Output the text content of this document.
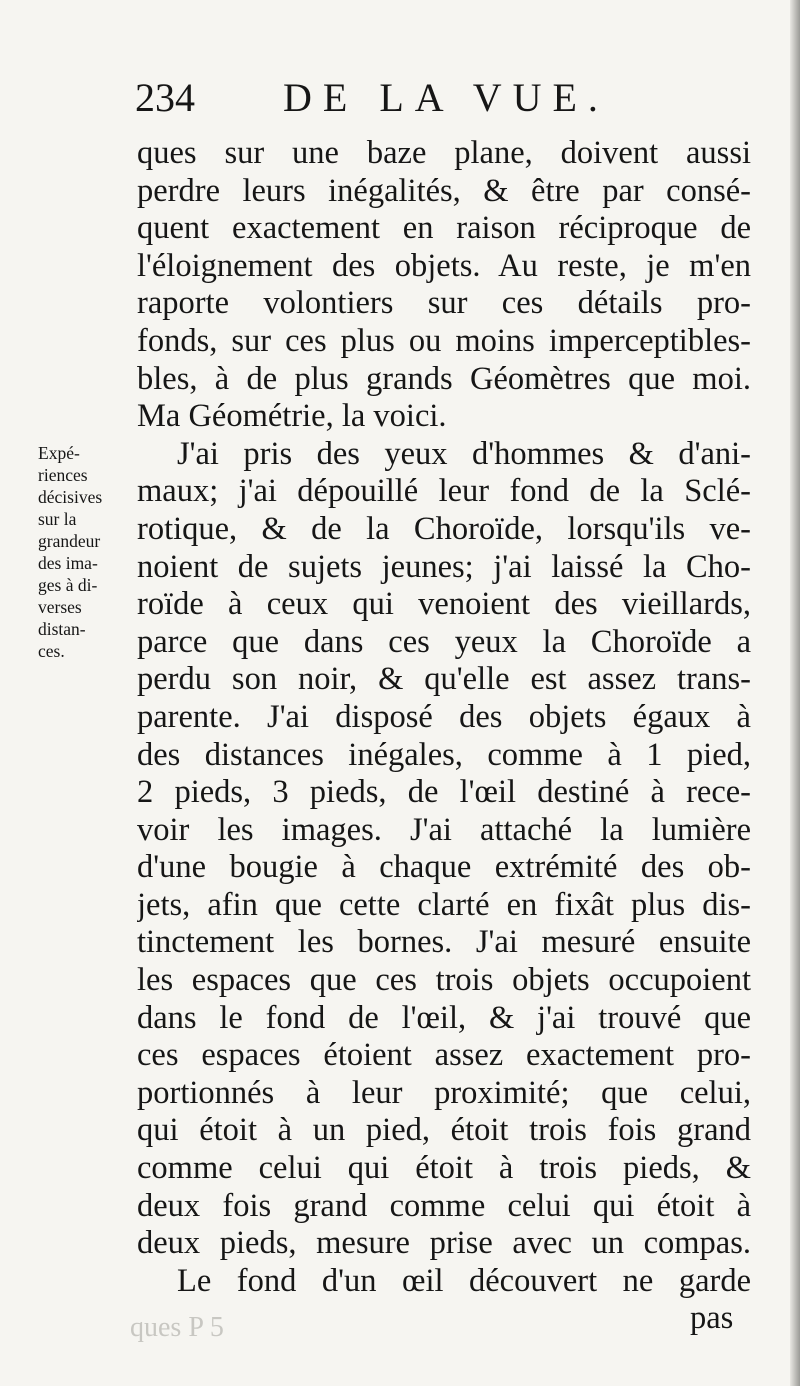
234 DE LA VUE.
Expé-
riences
décisives
sur la
grandeur
des ima-
ges à di-
verses
distan-
ces.
ques sur une baze plane, doivent aussi
perdre leurs inégalités, & être par consé-
quent exactement en raison réciproque de
l'éloignement des objets. Au reste, je m'en
raporte volontiers sur ces détails pro-
fonds, sur ces plus ou moins imperceptibles-
bles, à de plus grands Géomètres que moi.
Ma Géométrie, la voici.
J'ai pris des yeux d'hommes & d'ani-
maux; j'ai dépouillé leur fond de la Sclé-
rotique, & de la Choroïde, lorsqu'ils ve-
noient de sujets jeunes; j'ai laissé la Cho-
roïde à ceux qui venoient des vieillards,
parce que dans ces yeux la Choroïde a
perdu son noir, & qu'elle est assez trans-
parente. J'ai disposé des objets égaux à
des distances inégales, comme à 1 pied,
2 pieds, 3 pieds, de l'œil destiné à rece-
voir les images. J'ai attaché la lumière
d'une bougie à chaque extrémité des ob-
jets, afin que cette clarté en fixât plus dis-
tinctement les bornes. J'ai mesuré ensuite
les espaces que ces trois objets occupoient
dans le fond de l'œil, & j'ai trouvé que
ces espaces étoient assez exactement pro-
portionnés à leur proximité; que celui,
qui étoit à un pied, étoit trois fois grand
comme celui qui étoit à trois pieds, &
deux fois grand comme celui qui étoit à
deux pieds, mesure prise avec un compas.
Le fond d'un œil découvert ne garde
ques P 5	pas
